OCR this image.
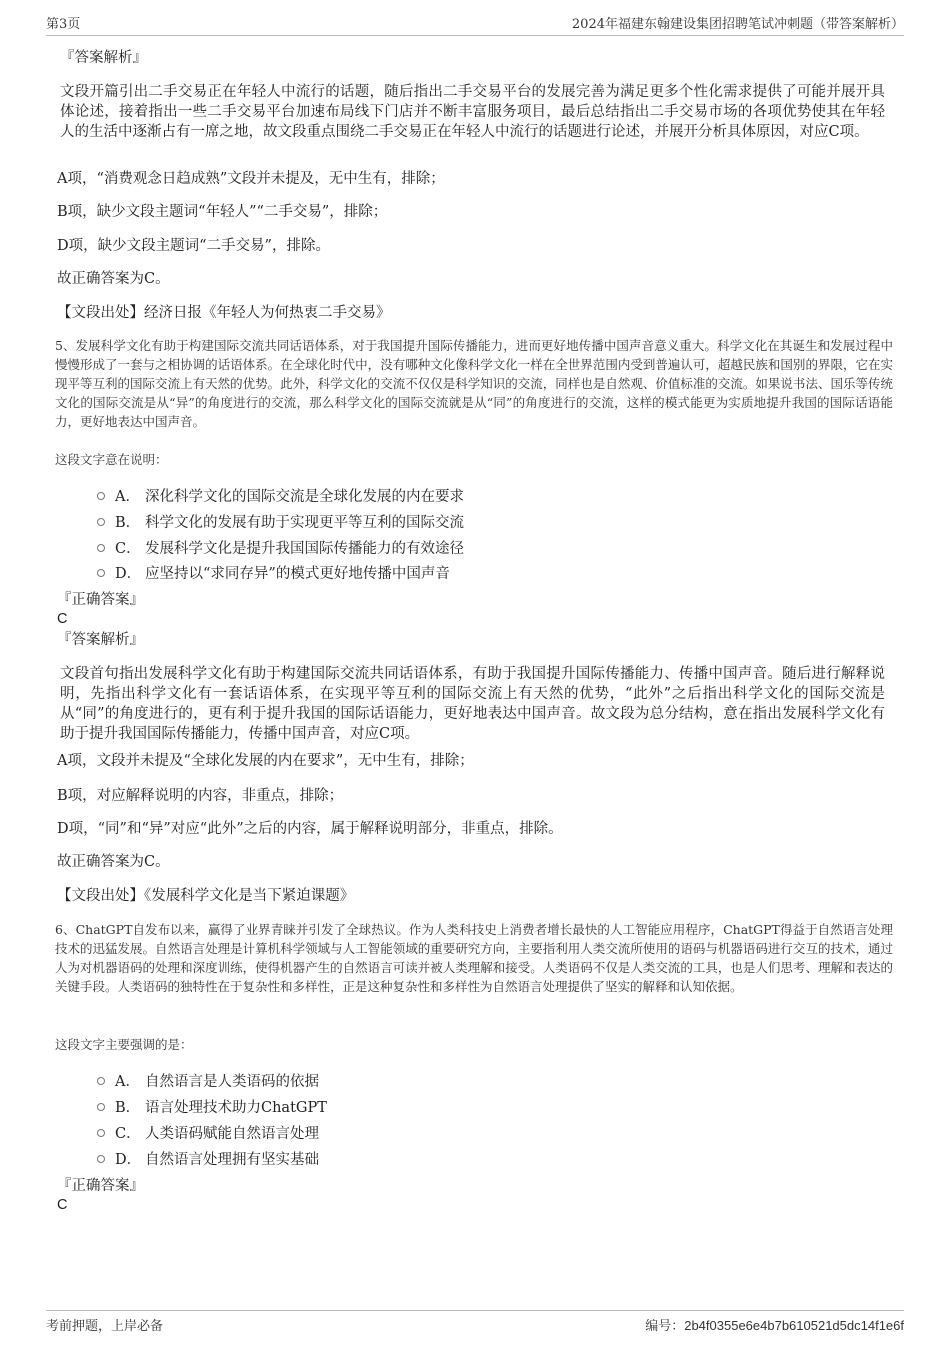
第3页	2024年福建东翰建设集团招聘笔试冲刺题（带答案解析）

『答案解析』

文段开篇引出二手交易正在年轻人中流行的话题，随后指出二手交易平台的发展完善为满足更多个性化需求提供了可能并展开具体论述，接着指出一些二手交易平台加速布局线下门店并不断丰富服务项目，最后总结指出二手交易市场的各项优势使其在年轻人的生活中逐渐占有一席之地，故文段重点围绕二手交易正在年轻人中流行的话题进行论述，并展开分析具体原因，对应C项。

A项，“消费观念日趋成熟”文段并未提及，无中生有，排除；

B项，缺少文段主题词“年轻人”“二手交易”，排除；

D项，缺少文段主题词“二手交易”，排除。

故正确答案为C。

【文段出处】经济日报《年轻人为何热衷二手交易》

5、发展科学文化有助于构建国际交流共同话语体系，对于我国提升国际传播能力，进而更好地传播中国声音意义重大。科学文化在其诞生和发展过程中慢慢形成了一套与之相协调的话语体系。在全球化时代中，没有哪种文化像科学文化一样在全世界范围内受到普遍认可，超越民族和国别的界限，它在实现平等互利的国际交流上有天然的优势。此外，科学文化的交流不仅仅是科学知识的交流，同样也是自然观、价值标准的交流。如果说书法、国乐等传统文化的国际交流是从“异”的角度进行的交流，那么科学文化的国际交流就是从“同”的角度进行的交流，这样的模式能更为实质地提升我国的国际话语能力，更好地表达中国声音。

这段文字意在说明：

A． 深化科学文化的国际交流是全球化发展的内在要求
B． 科学文化的发展有助于实现更平等互利的国际交流
C． 发展科学文化是提升我国国际传播能力的有效途径
D． 应坚持以“求同存异”的模式更好地传播中国声音

『正确答案』

C

『答案解析』

文段首句指出发展科学文化有助于构建国际交流共同话语体系，有助于我国提升国际传播能力、传播中国声音。随后进行解释说明，先指出科学文化有一套话语体系，在实现平等互利的国际交流上有天然的优势，“此外”之后指出科学文化的国际交流是从“同”的角度进行的，更有利于提升我国的国际话语能力，更好地表达中国声音。故文段为总分结构，意在指出发展科学文化有助于提升我国国际传播能力，传播中国声音，对应C项。

A项，文段并未提及“全球化发展的内在要求”，无中生有，排除；

B项，对应解释说明的内容，非重点，排除；

D项，“同”和“异”对应“此外”之后的内容，属于解释说明部分，非重点，排除。

故正确答案为C。

【文段出处】《发展科学文化是当下紧迫课题》

6、ChatGPT自发布以来，赢得了业界青睐并引发了全球热议。作为人类科技史上消费者增长最快的人工智能应用程序，ChatGPT得益于自然语言处理技术的迅猛发展。自然语言处理是计算机科学领域与人工智能领域的重要研究方向，主要指利用人类交流所使用的语码与机器语码进行交互的技术，通过人为对机器语码的处理和深度训练，使得机器产生的自然语言可读并被人类理解和接受。人类语码不仅是人类交流的工具，也是人们思考、理解和表达的关键手段。人类语码的独特性在于复杂性和多样性，正是这种复杂性和多样性为自然语言处理提供了坚实的解释和认知依据。

这段文字主要强调的是：

A． 自然语言是人类语码的依据
B． 语言处理技术助力ChatGPT
C． 人类语码赋能自然语言处理
D． 自然语言处理拥有坚实基础

『正确答案』

C

考前押题，上岸必备	编号：2b4f0355e6e4b7b610521d5dc14f1e6f
